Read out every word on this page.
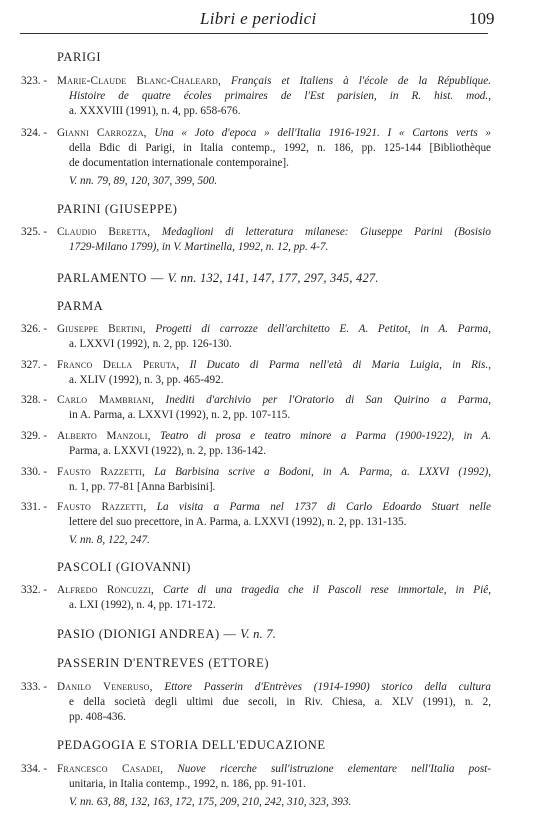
Libri e periodici	109
PARIGI
323. - Marie-Claude Blanc-Chaleard, Français et Italiens à l'école de la République.
Histoire de quatre écoles primaires de l'Est parisien, in R. hist. mod.,
a. XXXVIII (1991), n. 4, pp. 658-676.
324. - Gianni Carrozza, Una « Joto d'epoca » dell'Italia 1916-1921. I « Cartons verts »
della Bdic di Parigi, in Italia contemp., 1992, n. 186, pp. 125-144 [Bibliothèque
de documentation internationale contemporaine].
V. nn. 79, 89, 120, 307, 399, 500.
PARINI (GIUSEPPE)
325. - Claudio Beretta, Medaglioni di letteratura milanese: Giuseppe Parini (Bosisio
1729-Milano 1799), in V. Martinella, 1992, n. 12, pp. 4-7.
PARLAMENTO — V. nn. 132, 141, 147, 177, 297, 345, 427.
PARMA
326. - Giuseppe Bertini, Progetti di carrozze dell'architetto E. A. Petitot, in A. Parma,
a. LXXVI (1992), n. 2, pp. 126-130.
327. - Franco Della Peruta, Il Ducato di Parma nell'età di Maria Luigia, in Ris.,
a. XLIV (1992), n. 3, pp. 465-492.
328. - Carlo Mambriani, Inediti d'archivio per l'Oratorio di San Quirino a Parma,
in A. Parma, a. LXXVI (1992), n. 2, pp. 107-115.
329. - Alberto Manzoli, Teatro di prosa e teatro minore a Parma (1900-1922), in A.
Parma, a. LXXVI (1922), n. 2, pp. 136-142.
330. - Fausto Razzetti, La Barbisina scrive a Bodoni, in A. Parma, a. LXXVI (1992),
n. 1, pp. 77-81 [Anna Barbisini].
331. - Fausto Razzetti, La visita a Parma nel 1737 di Carlo Edoardo Stuart nelle
lettere del suo precettore, in A. Parma, a. LXXVI (1992), n. 2, pp. 131-135.
V. nn. 8, 122, 247.
PASCOLI (GIOVANNI)
332. - Alfredo Roncuzzi, Carte di una tragedia che il Pascoli rese immortale, in Piê,
a. LXI (1992), n. 4, pp. 171-172.
PASIO (DIONIGI ANDREA) — V. n. 7.
PASSERIN D'ENTREVES (ETTORE)
333. - Danilo Veneruso, Ettore Passerin d'Entrèves (1914-1990) storico della cultura
e della società degli ultimi due secoli, in Riv. Chiesa, a. XLV (1991), n. 2,
pp. 408-436.
PEDAGOGIA E STORIA DELL'EDUCAZIONE
334. - Francesco Casadei, Nuove ricerche sull'istruzione elementare nell'Italia post-
unitaria, in Italia contemp., 1992, n. 186, pp. 91-101.
V. nn. 63, 88, 132, 163, 172, 175, 209, 210, 242, 310, 323, 393.
